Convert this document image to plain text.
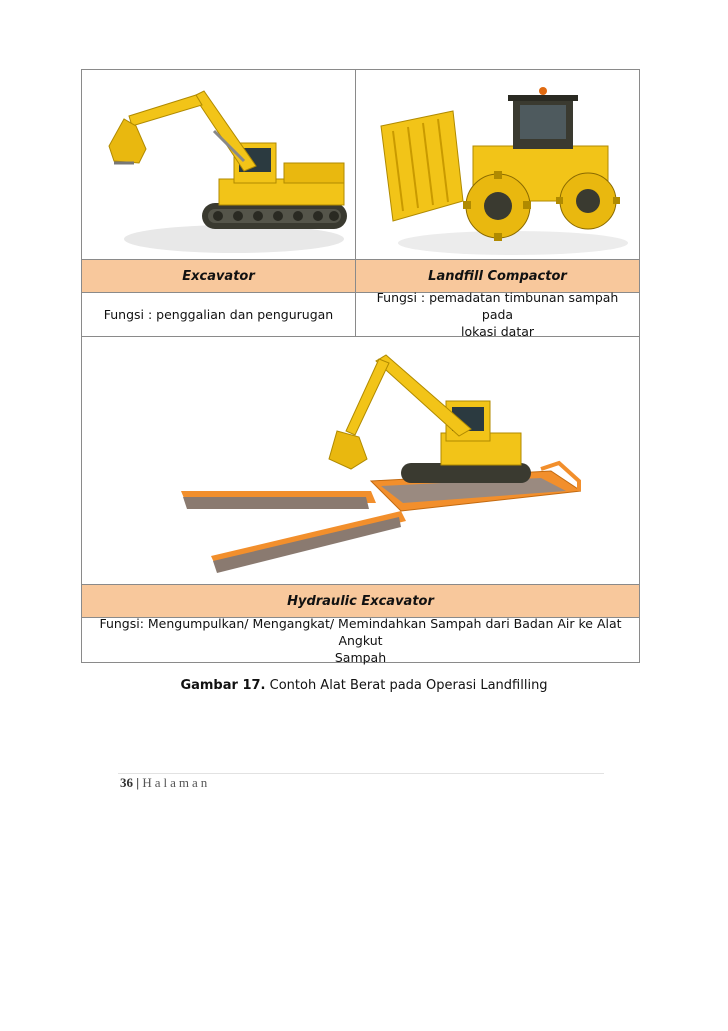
Excavator	Landfill Compactor
Fungsi : penggalian dan pengurugan
Fungsi : pemadatan timbunan sampah pada
lokasi datar
Hydraulic Excavator
Fungsi: Mengumpulkan/ Mengangkat/ Memindahkan Sampah dari Badan Air ke Alat Angkut
Sampah
Gambar 17. Contoh Alat Berat pada Operasi Landfilling
36 | Halaman
